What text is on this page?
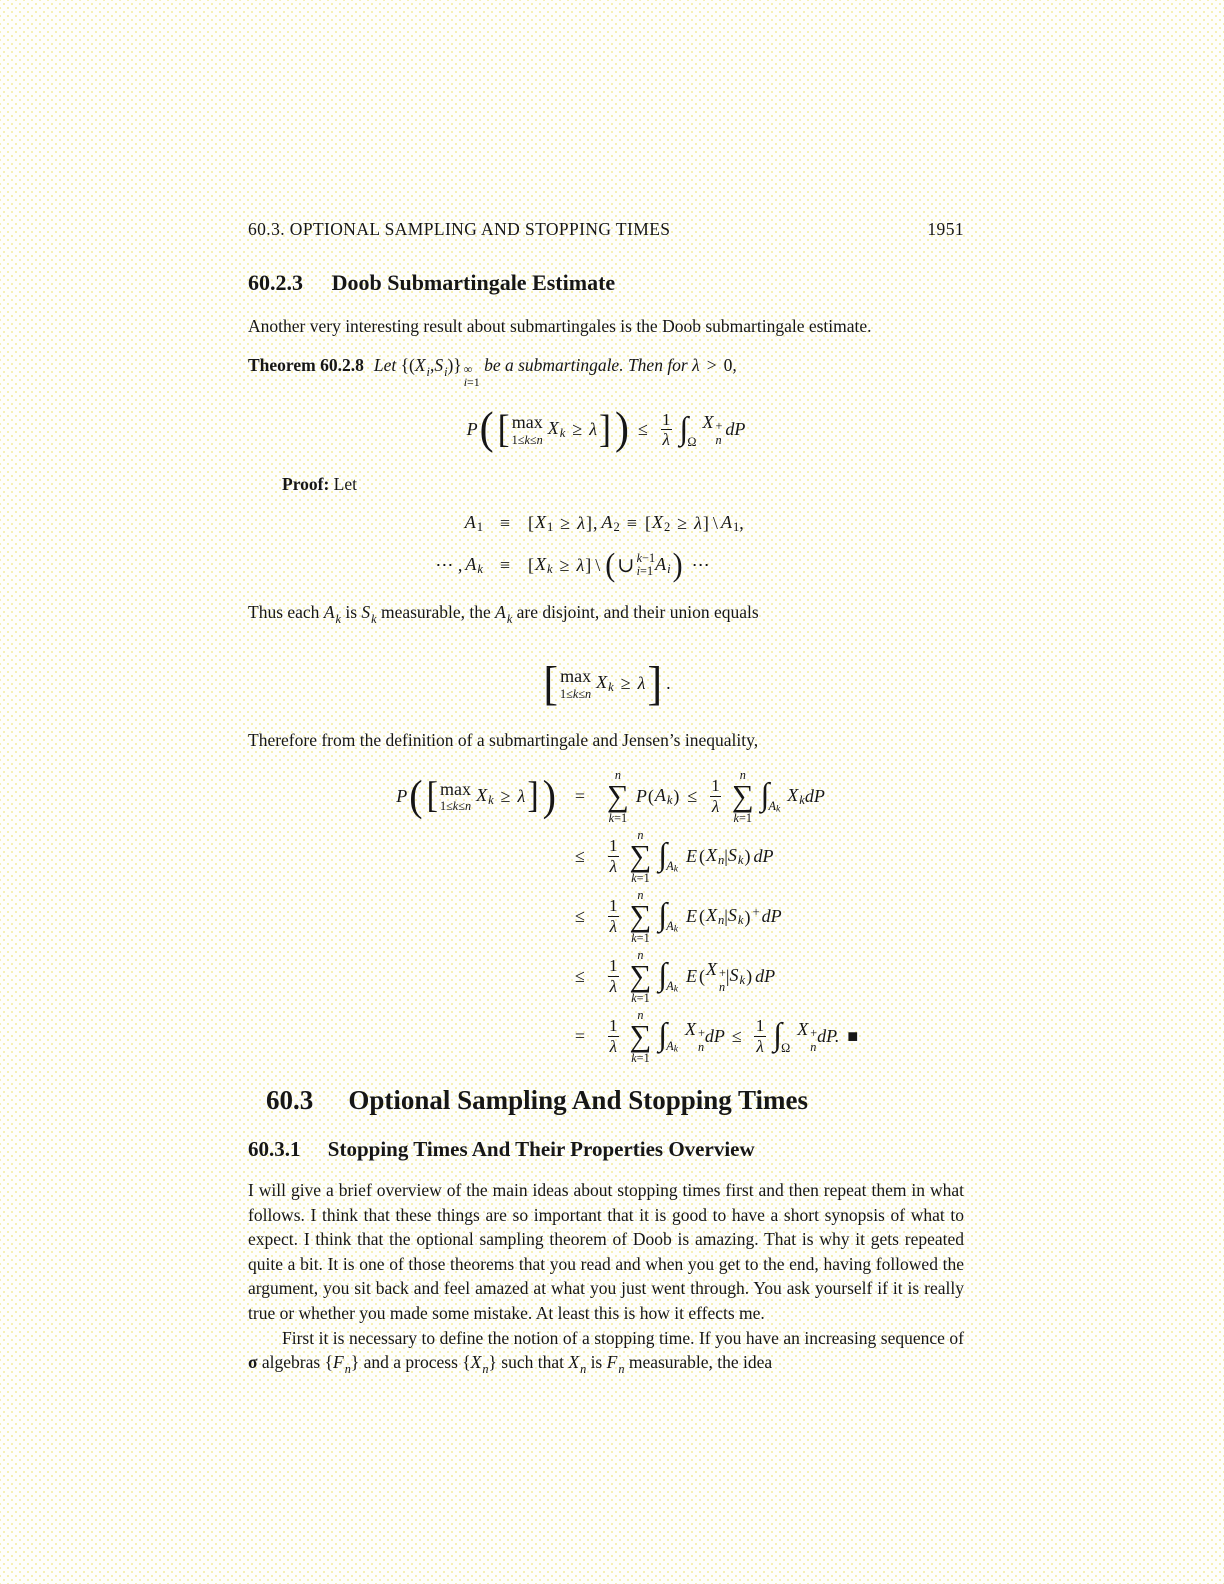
60.3. OPTIONAL SAMPLING AND STOPPING TIMES	1951
60.2.3 Doob Submartingale Estimate

Another very interesting result about submartingales is the Doob submartingale estimate.

Theorem 60.2.8 Let $\{(X_i,S_i)\}$ ∞
i=1
be a submartingale. Then for λ > 0,

P ( [ max
1≤k≤n
Xk ≥ λ ] ) ≤ $\frac{1}{\lambda}$ ∫ Ω
X +
n
dP

Proof: Let

A1 ≡ [ X1 ≥ λ ] , A2 ≡ [ X2 ≥ λ ] \ A1 ,
⋯ , Ak ≡ [ Xk ≥ λ ] \ ( ∪ k−1
i=1 Ai ) ⋯

Thus each $A_k$ is $S_k$ measurable, the $A_k$ are disjoint, and their union equals

[ max
1≤k≤n
Xk ≥ λ ] .

Therefore from the definition of a submartingale and Jensen’s inequality,

P ( [ max
1≤k≤n
Xk ≥ λ ] )	=
n
∑
k=1
P ( Ak ) ≤ $\frac{1}{\lambda}$
n
∑
k=1
∫ Ak
Xk dP
≤	$\frac{1}{\lambda}$
n
∑
k=1
∫ Ak
E ( Xn | Sk ) dP
≤	$\frac{1}{\lambda}$
n
∑
k=1
∫ Ak
E ( Xn | Sk ) + dP
≤	$\frac{1}{\lambda}$
n
∑
k=1
∫ Ak
E ( X +
n
| Sk ) dP
=	$\frac{1}{\lambda}$
n
∑
k=1
∫ Ak
X +
n
dP ≤ $\frac{1}{\lambda}$ ∫ Ω
X +
n
dP. ■
60.3 Optional Sampling And Stopping Times
60.3.1 Stopping Times And Their Properties Overview

I will give a brief overview of the main ideas about stopping times first and then repeat them in what follows. I think that these things are so important that it is good to have a short synopsis of what to expect. I think that the optional sampling theorem of Doob is amazing. That is why it gets repeated quite a bit. It is one of those theorems that you read and when you get to the end, having followed the argument, you sit back and feel amazed at what you just went through. You ask yourself if it is really true or whether you made some mistake. At least this is how it effects me.

First it is necessary to define the notion of a stopping time. If you have an increasing sequence of σ algebras $\{F_n\}$ and a process $\{X_n\}$ such that $X_n$ is $F_n$ measurable, the idea
